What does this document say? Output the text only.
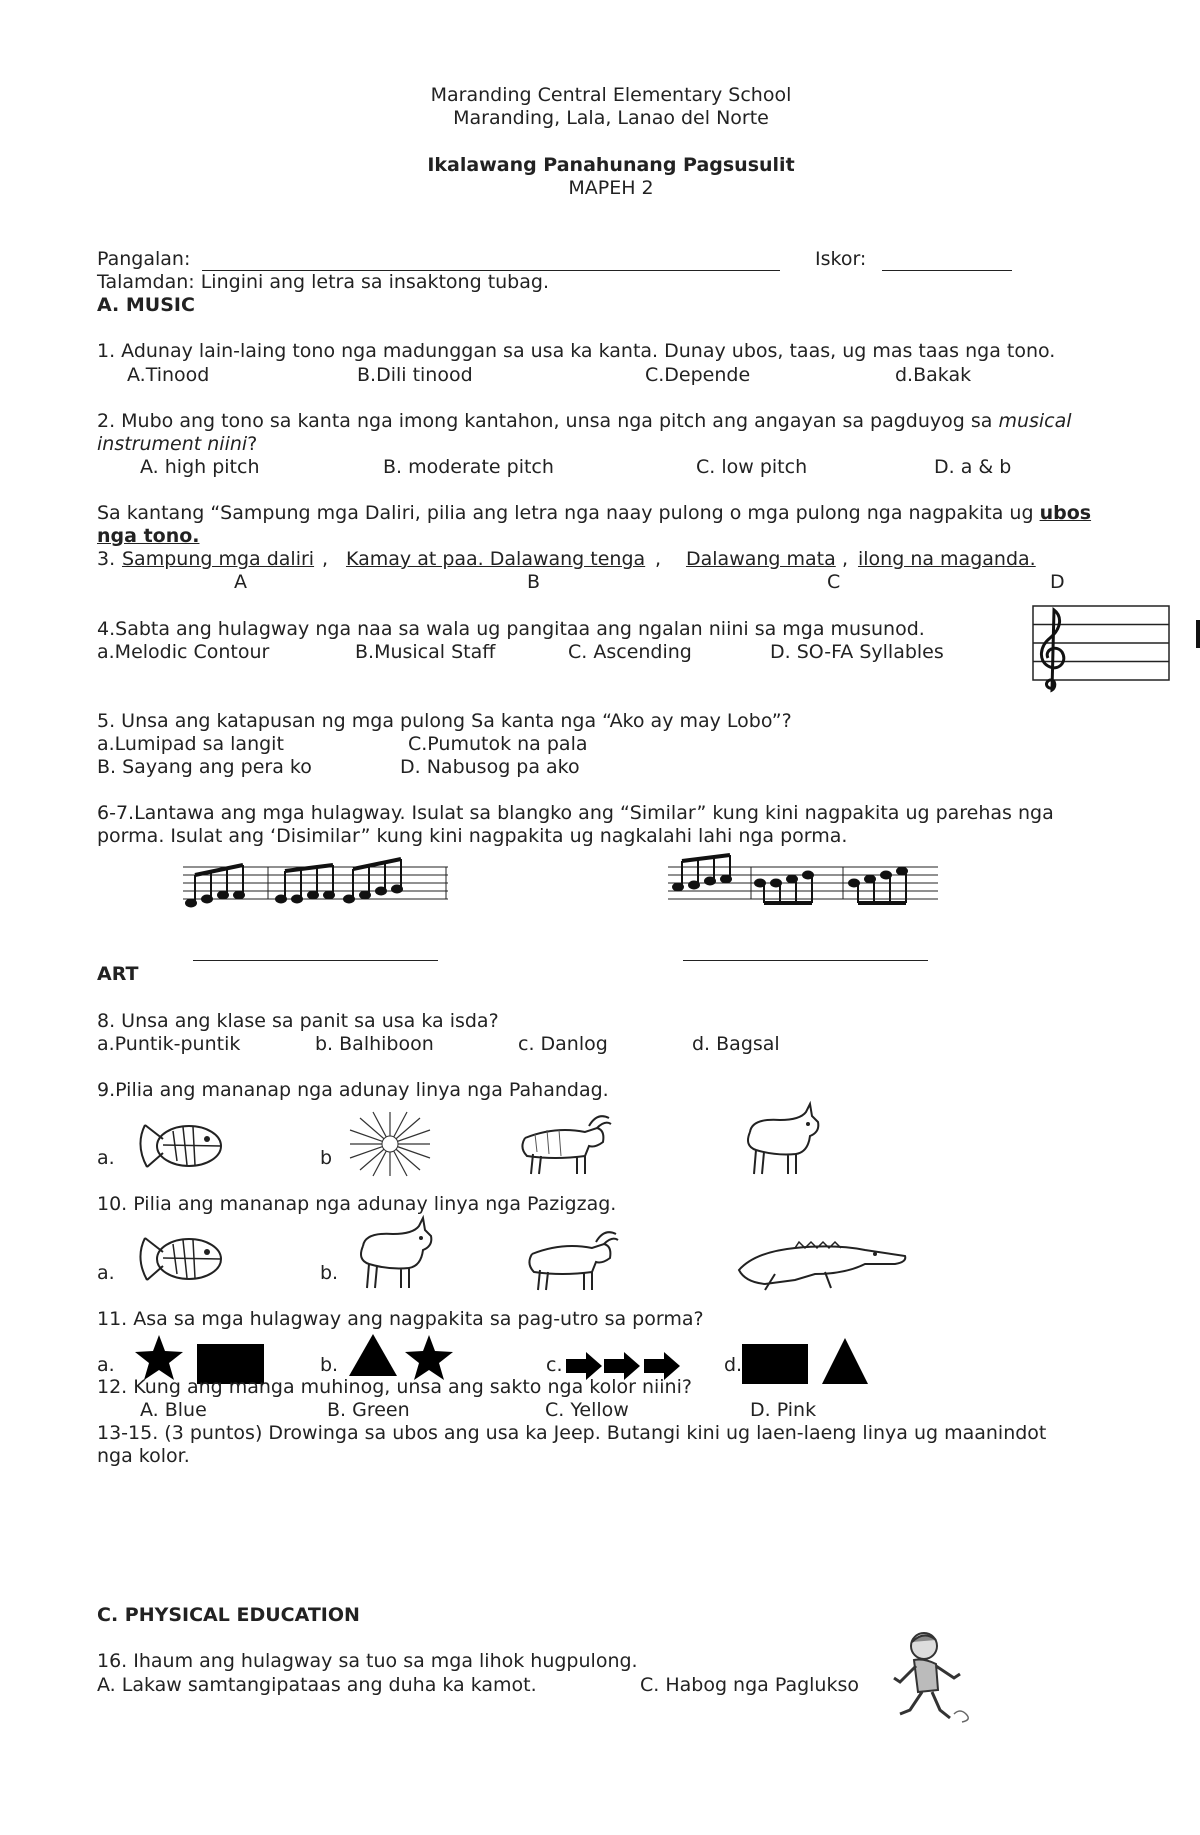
Maranding Central Elementary School
Maranding, Lala, Lanao del Norte
Ikalawang Panahunang Pagsusulit
MAPEH 2
Pangalan:	Iskor:
Talamdan: Lingini ang letra sa insaktong tubag.
A. MUSIC
1. Adunay lain-laing tono nga madunggan sa usa ka kanta. Dunay ubos, taas, ug mas taas nga tono.
A.Tinood	B.Dili tinood	C.Depende	d.Bakak
2. Mubo ang tono sa kanta nga imong kantahon, unsa nga pitch ang angayan sa pagduyog sa musical
instrument niini?
A. high pitch	B. moderate pitch	C. low pitch	D. a & b
Sa kantang “Sampung mga Daliri, pilia ang letra nga naay pulong o mga pulong nga nagpakita ug ubos
nga tono.
3. Sampung mga daliri , Kamay at paa. Dalawang tenga , Dalawang mata , ilong na maganda.
A	B	C	D
4.Sabta ang hulagway nga naa sa wala ug pangitaa ang ngalan niini sa mga musunod.
a.Melodic Contour	B.Musical Staff	C. Ascending	D. SO-FA Syllables
5. Unsa ang katapusan ng mga pulong Sa kanta nga “Ako ay may Lobo”?
a.Lumipad sa langit	C.Pumutok na pala
B. Sayang ang pera ko	D. Nabusog pa ako
6-7.Lantawa ang mga hulagway. Isulat sa blangko ang “Similar” kung kini nagpakita ug parehas nga
porma. Isulat ang ‘Disimilar” kung kini nagpakita ug nagkalahi lahi nga porma.
ART
8. Unsa ang klase sa panit sa usa ka isda?
a.Puntik-puntik	b. Balhiboon	c. Danlog	d. Bagsal
9.Pilia ang mananap nga adunay linya nga Pahandag.
a.	b
10. Pilia ang mananap nga adunay linya nga Pazigzag.
a.	b.
11. Asa sa mga hulagway ang nagpakita sa pag-utro sa porma?
a.	b.	c.	d.
12. Kung ang manga muhinog, unsa ang sakto nga kolor niini?
A. Blue	B. Green	C. Yellow	D. Pink
13-15. (3 puntos) Drowinga sa ubos ang usa ka Jeep. Butangi kini ug laen-laeng linya ug maanindot
nga kolor.
C. PHYSICAL EDUCATION
16. Ihaum ang hulagway sa tuo sa mga lihok hugpulong.
A. Lakaw samtangipataas ang duha ka kamot.	C. Habog nga Paglukso
